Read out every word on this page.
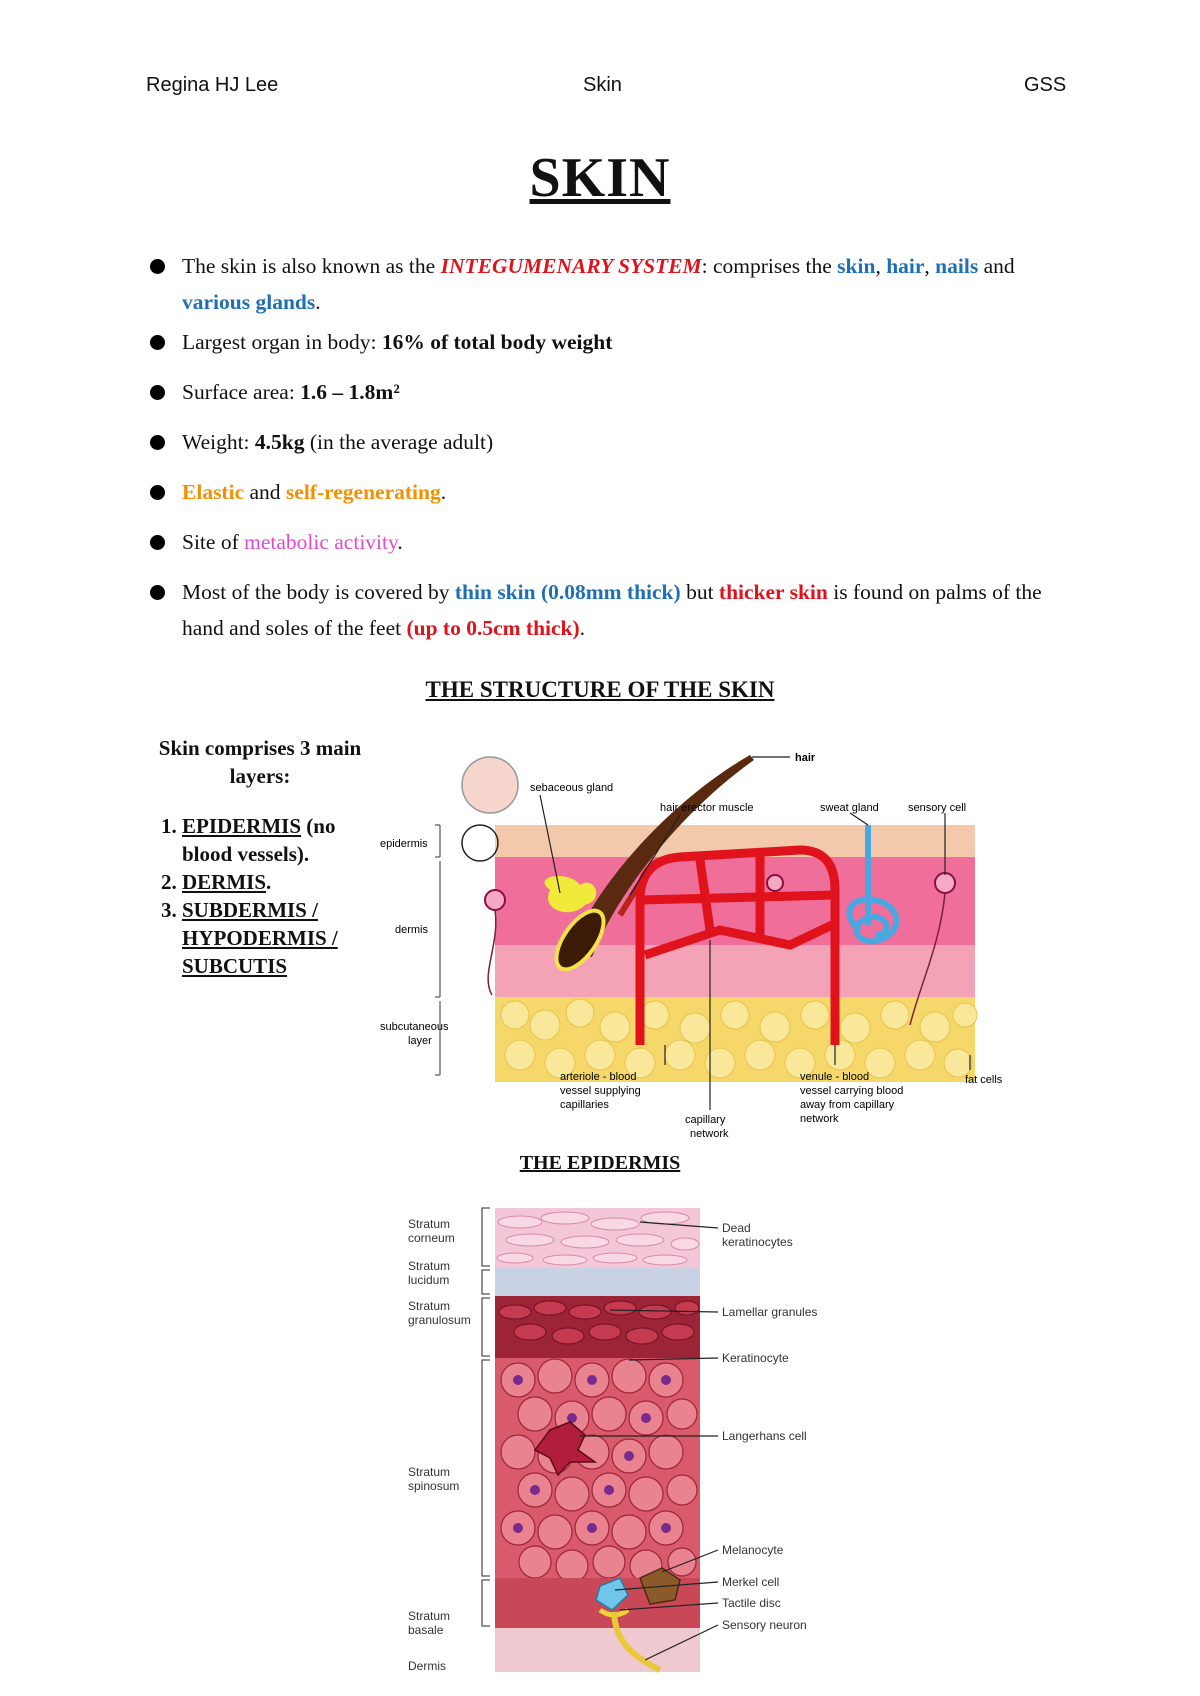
Regina HJ Lee	Skin	GSS
SKIN
The skin is also known as the INTEGUMENARY SYSTEM: comprises the skin, hair, nails and various glands.
Largest organ in body: 16% of total body weight
Surface area: 1.6 – 1.8m²
Weight: 4.5kg (in the average adult)
Elastic and self-regenerating.
Site of metabolic activity.
Most of the body is covered by thin skin (0.08mm thick) but thicker skin is found on palms of the hand and soles of the feet (up to 0.5cm thick).
THE STRUCTURE OF THE SKIN
Skin comprises 3 main layers:
1. EPIDERMIS (no blood vessels).
2. DERMIS.
3. SUBDERMIS / HYPODERMIS / SUBCUTIS
hair
sebaceous gland
hair erector muscle	sweat gland	sensory cell
epidermis
dermis
subcutaneous
layer
arteriole - blood
vessel supplying
capillaries
capillary
network
venule - blood
vessel carrying blood
away from capillary
network
fat cells
THE EPIDERMIS
Stratum
corneum
Stratum
lucidum
Stratum
granulosum
Stratum
spinosum
Stratum
basale
Dermis
Dead
keratinocytes
Lamellar granules
Keratinocyte
Langerhans cell
Melanocyte
Merkel cell
Tactile disc
Sensory neuron
